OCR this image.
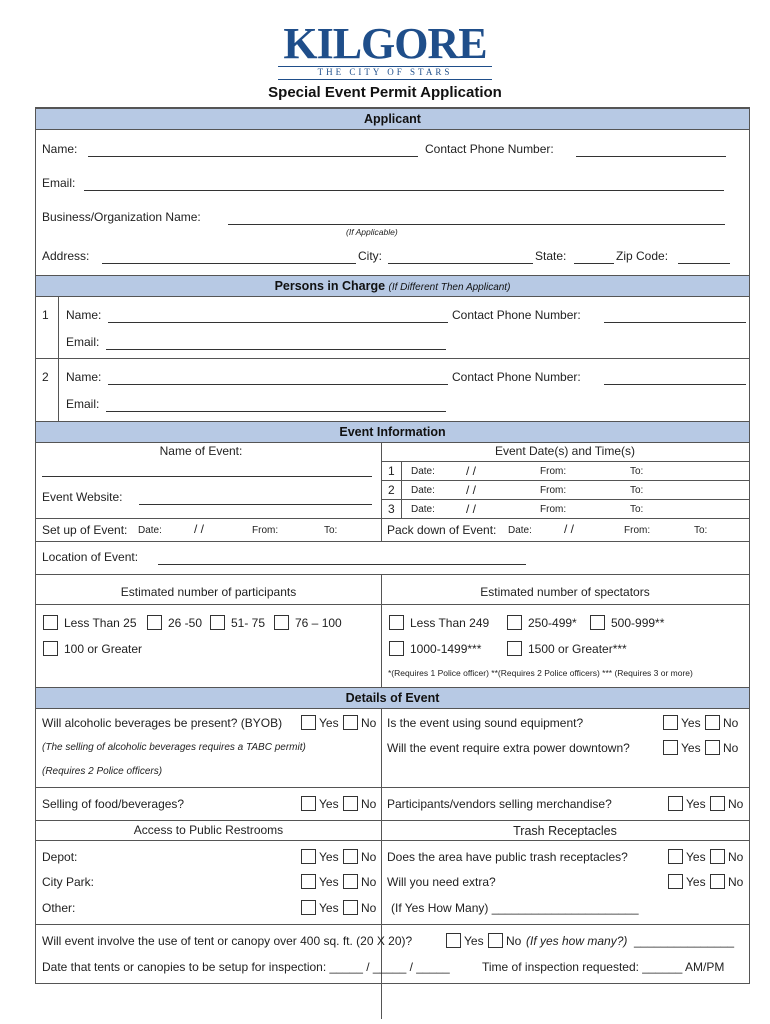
KILGORE
THE CITY OF STARS
Special Event Permit Application
Applicant
Name:	Contact Phone Number:
Email:
Business/Organization Name:
(If Applicable)
Address:	City:	State:	Zip Code:
Persons in Charge (If Different Then Applicant)
1 Name:	Contact Phone Number:
Email:
2 Name:	Contact Phone Number:
Email:
Event Information
Name of Event:
Event Website:
Event Date(s) and Time(s)
1 Date:	/ /	From:	To:
2 Date:	/ /	From:	To:
3 Date:	/ /	From:	To:
Set up of Event: Date:	/ /	From:	To:	Pack down of Event: Date:	/ /	From:	To:
Location of Event:
Estimated number of participants	Estimated number of spectators
Less Than 25	26 -50 51- 75 76 – 100
100 or Greater
Less Than 249	250-499*	500-999**
1000-1499***	1500 or Greater***
*(Requires 1 Police officer) **(Requires 2 Police officers) *** (Requires 3 or more)
Details of Event
Will alcoholic beverages be present? (BYOB)	Yes No
(The selling of alcoholic beverages requires a TABC permit)
(Requires 2 Police officers)
Is the event using sound equipment?	Yes No
Will the event require extra power downtown?	Yes No
Selling of food/beverages?	Yes No Participants/vendors selling merchandise?	Yes No
Access to Public Restrooms	Trash Receptacles
Depot:	Yes No
City Park:	Yes No
Other:	Yes No
Does the area have public trash receptacles?	Yes No
Will you need extra?	Yes No
(If Yes How Many) ______________________
Will event involve the use of tent or canopy over 400 sq. ft. (20 X 20)?	Yes No (If yes how many?) _______________
Date that tents or canopies to be setup for inspection: _____ / _____ / _____	Time of inspection requested: ______ AM/PM
